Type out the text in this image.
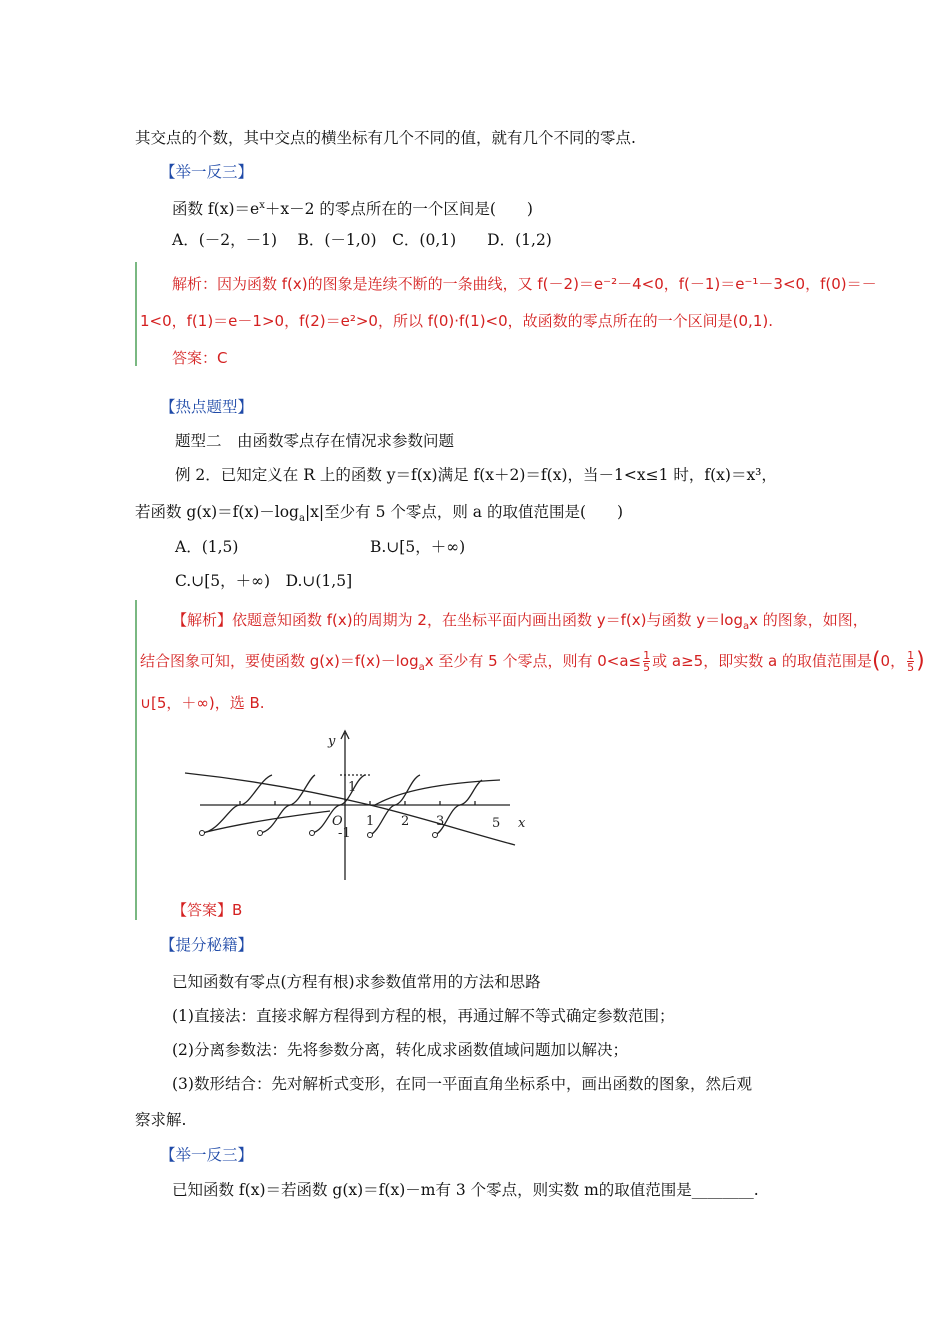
其交点的个数，其中交点的横坐标有几个不同的值，就有几个不同的零点.
【举一反三】
函数 $f(x)=e^x+x-2$ 的零点所在的一个区间是(　　)
A．(－2，－1)　 B．(－1,0)　C．(0,1)　　D．(1,2)
解析：因为函数 f(x)的图象是连续不断的一条曲线，又 f(－2)＝e⁻²－4<0，f(－1)＝e⁻¹－3<0，f(0)＝－
1<0，f(1)＝e－1>0，f(2)＝e²>0，所以 f(0)·f(1)<0，故函数的零点所在的一个区间是(0,1).
答案：C
【热点题型】
题型二　由函数零点存在情况求参数问题
例 2．已知定义在 R 上的函数 y＝f(x)满足 f(x＋2)＝f(x)，当－1<x≤1 时，f(x)＝x³，
若函数 $g(x)=f(x)-\log_a|x|$至少有 5 个零点，则 a 的取值范围是(　　)
A．(1,5)	B.∪[5，＋∞)
C.∪[5，＋∞)　D.∪(1,5]
【解析】依题意知函数 f(x)的周期为 2，在坐标平面内画出函数 y＝f(x)与函数 $y=\log_ax$ 的图象，如图，
结合图象可知，要使函数 $g(x)=f(x)-\log_ax$ 至少有 5 个零点，则有 $0<a\le \frac{1}{5}$ 或 a≥5，即实数 a 的取值范围是(0， $\frac{1}{5}$ )
∪[5，＋∞)，选 B.
y
x
O
1
-1
1 2 3	5
【答案】B
【提分秘籍】
已知函数有零点(方程有根)求参数值常用的方法和思路
(1)直接法：直接求解方程得到方程的根，再通过解不等式确定参数范围；
(2)分离参数法：先将参数分离，转化成求函数值域问题加以解决；
(3)数形结合：先对解析式变形，在同一平面直角坐标系中，画出函数的图象，然后观
察求解.
【举一反三】
已知函数 f(x)＝若函数 g(x)＝f(x)－m有 3 个零点，则实数 m的取值范围是________.
